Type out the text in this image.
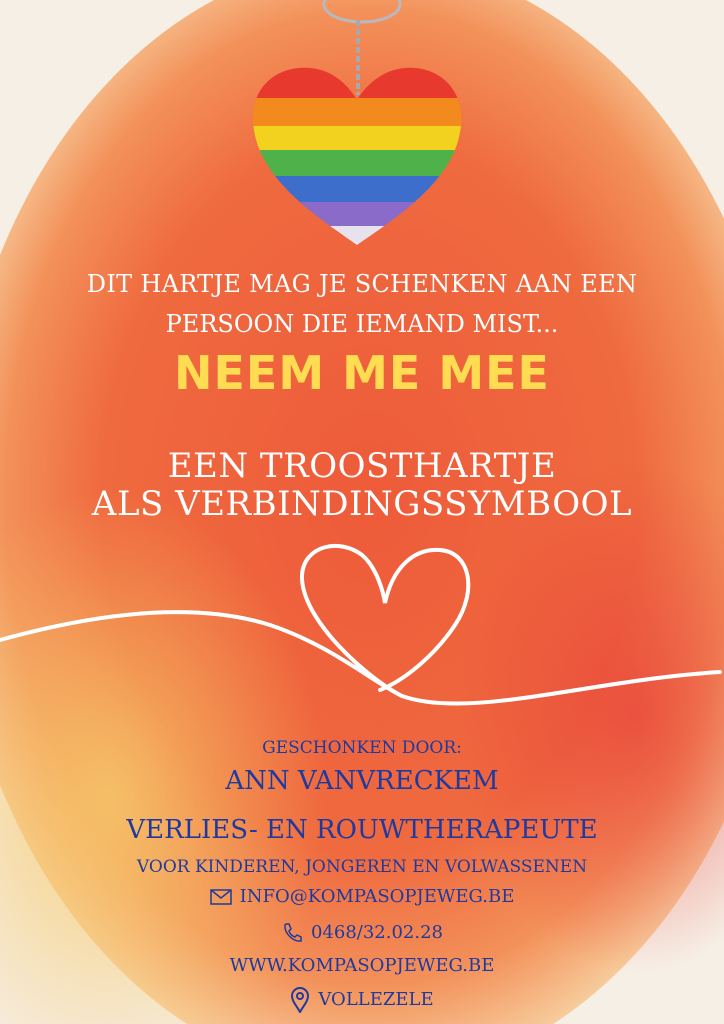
DIT HARTJE MAG JE SCHENKEN AAN EEN
PERSOON DIE IEMAND MIST...
NEEM ME MEE
EEN TROOSTHARTJE
ALS VERBINDINGSSYMBOOL
GESCHONKEN DOOR:
ANN VANVRECKEM
VERLIES- EN ROUWTHERAPEUTE
VOOR KINDEREN, JONGEREN EN VOLWASSENEN
INFO@KOMPASOPJEWEG.BE
0468/32.02.28
WWW.KOMPASOPJEWEG.BE
VOLLEZELE
